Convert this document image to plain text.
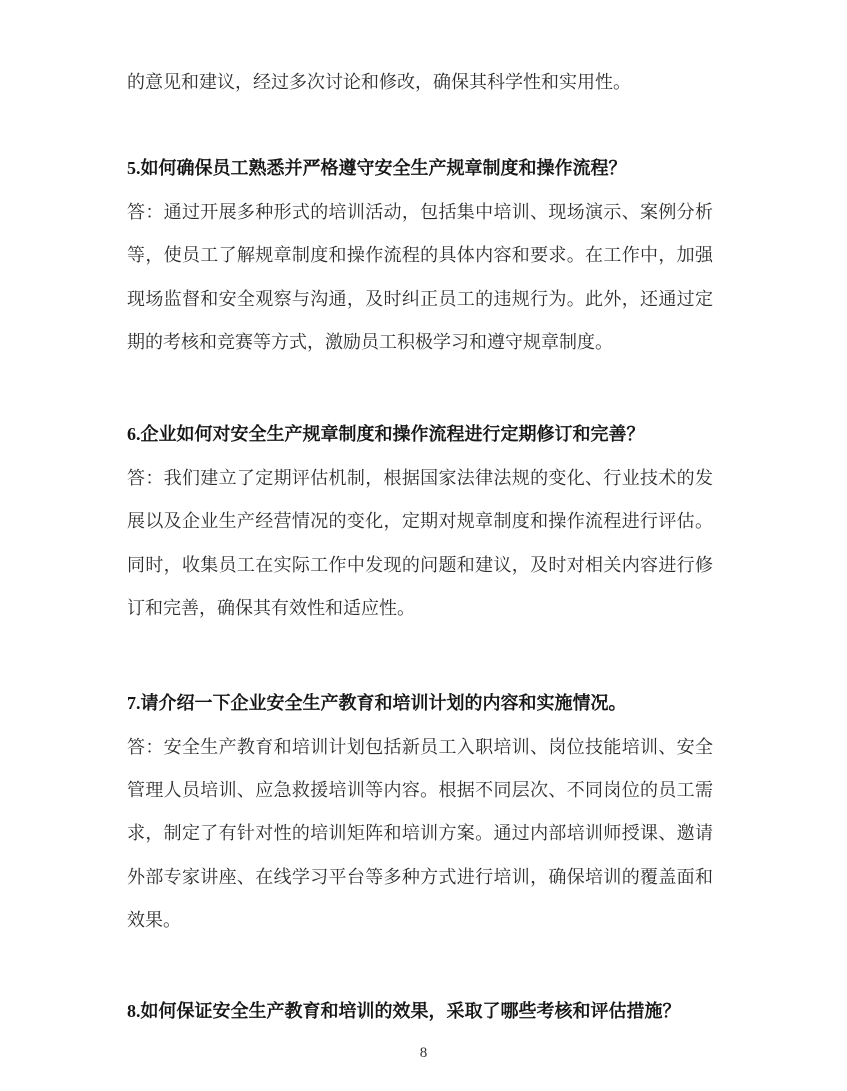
的意见和建议，经过多次讨论和修改，确保其科学性和实用性。
5.如何确保员工熟悉并严格遵守安全生产规章制度和操作流程？
答：通过开展多种形式的培训活动，包括集中培训、现场演示、案例分析
等，使员工了解规章制度和操作流程的具体内容和要求。在工作中，加强
现场监督和安全观察与沟通，及时纠正员工的违规行为。此外，还通过定
期的考核和竞赛等方式，激励员工积极学习和遵守规章制度。
6.企业如何对安全生产规章制度和操作流程进行定期修订和完善？
答：我们建立了定期评估机制，根据国家法律法规的变化、行业技术的发
展以及企业生产经营情况的变化，定期对规章制度和操作流程进行评估。
同时，收集员工在实际工作中发现的问题和建议，及时对相关内容进行修
订和完善，确保其有效性和适应性。
7.请介绍一下企业安全生产教育和培训计划的内容和实施情况。
答：安全生产教育和培训计划包括新员工入职培训、岗位技能培训、安全
管理人员培训、应急救援培训等内容。根据不同层次、不同岗位的员工需
求，制定了有针对性的培训矩阵和培训方案。通过内部培训师授课、邀请
外部专家讲座、在线学习平台等多种方式进行培训，确保培训的覆盖面和
效果。
8.如何保证安全生产教育和培训的效果，采取了哪些考核和评估措施？
8
